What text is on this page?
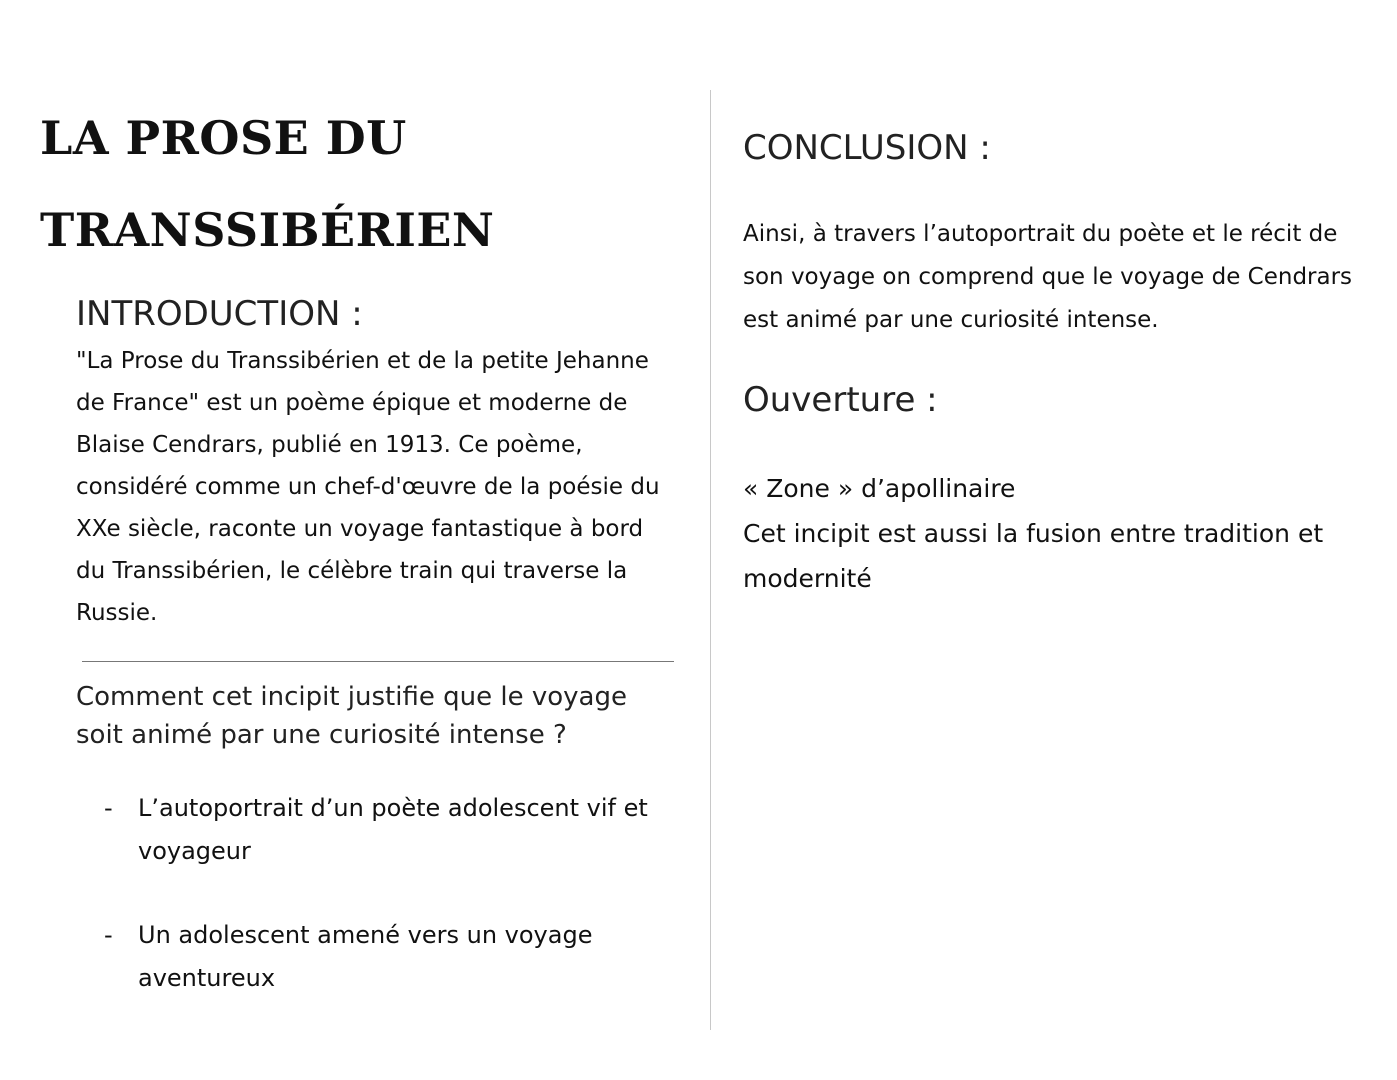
LA PROSE DU
TRANSSIBÉRIEN
INTRODUCTION :

"La Prose du Transsibérien et de la petite Jehanne de France" est un poème épique et moderne de Blaise Cendrars, publié en 1913. Ce poème, considéré comme un chef-d'œuvre de la poésie du XXe siècle, raconte un voyage fantastique à bord du Transsibérien, le célèbre train qui traverse la Russie.

Comment cet incipit justifie que le voyage soit animé par une curiosité intense ?

- L’autoportrait d’un poète adolescent vif et voyageur
- Un adolescent amené vers un voyage aventureux
CONCLUSION :

Ainsi, à travers l’autoportrait du poète et le récit de son voyage on comprend que le voyage de Cendrars est animé par une curiosité intense.

Ouverture :
« Zone » d’apollinaire
Cet incipit est aussi la fusion entre tradition et modernité
